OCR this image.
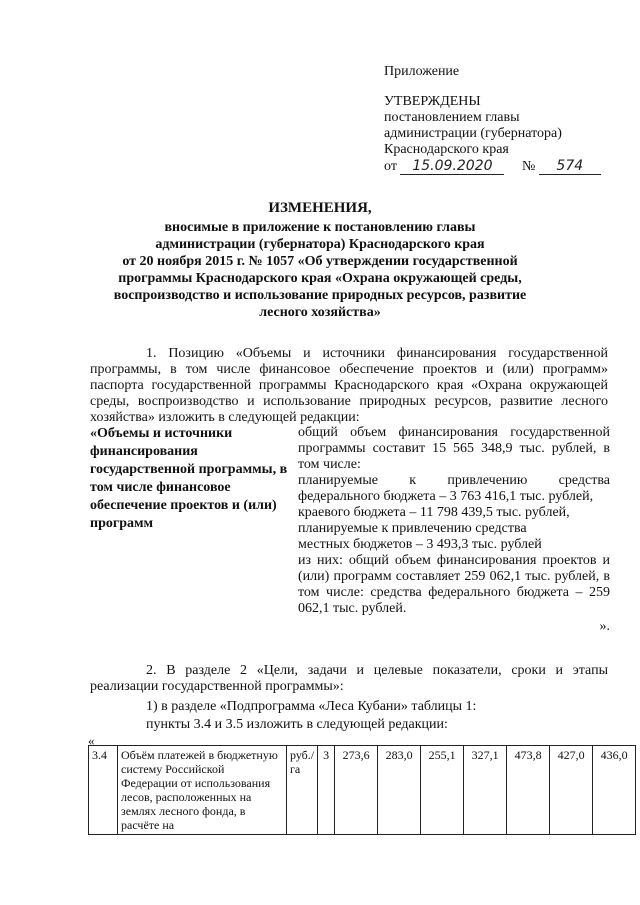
Приложение
УТВЕРЖДЕНЫ
постановлением главы
администрации (губернатора)
Краснодарского края
от 15.09.2020 № 574
ИЗМЕНЕНИЯ,
вносимые в приложение к постановлению главы
администрации (губернатора) Краснодарского края
от 20 ноября 2015 г. № 1057 «Об утверждении государственной
программы Краснодарского края «Охрана окружающей среды,
воспроизводство и использование природных ресурсов, развитие
лесного хозяйства»
1. Позицию «Объемы и источники финансирования государственной программы, в том числе финансовое обеспечение проектов и (или) программ» паспорта государственной программы Краснодарского края «Охрана окружающей среды, воспроизводство и использование природных ресурсов, развитие лесного хозяйства» изложить в следующей редакции:
«Объемы и источники финансирования государственной программы, в том числе финансовое обеспечение проектов и (или) программ
общий объем финансирования государственной программы составит 15 565 348,9 тыс. рублей, в том числе:
планируемые к привлечению средства федерального бюджета – 3 763 416,1 тыс. рублей,
краевого бюджета – 11 798 439,5 тыс. рублей,
планируемые к привлечению средства
местных бюджетов – 3 493,3 тыс. рублей
из них: общий объем финансирования проектов и (или) программ составляет 259 062,1 тыс. рублей, в том числе: средства федерального бюджета – 259 062,1 тыс. рублей.
».
2. В разделе 2 «Цели, задачи и целевые показатели, сроки и этапы реализации государственной программы»:
1) в разделе «Подпрограмма «Леса Кубани» таблицы 1:
пункты 3.4 и 3.5 изложить в следующей редакции:
«
3.4	Объём платежей в бюджетную систему Российской Федерации от использования лесов, расположенных на землях лесного фонда, в расчёте на	руб./ га	3	273,6	283,0	255,1	327,1	473,8	427,0	436,0
